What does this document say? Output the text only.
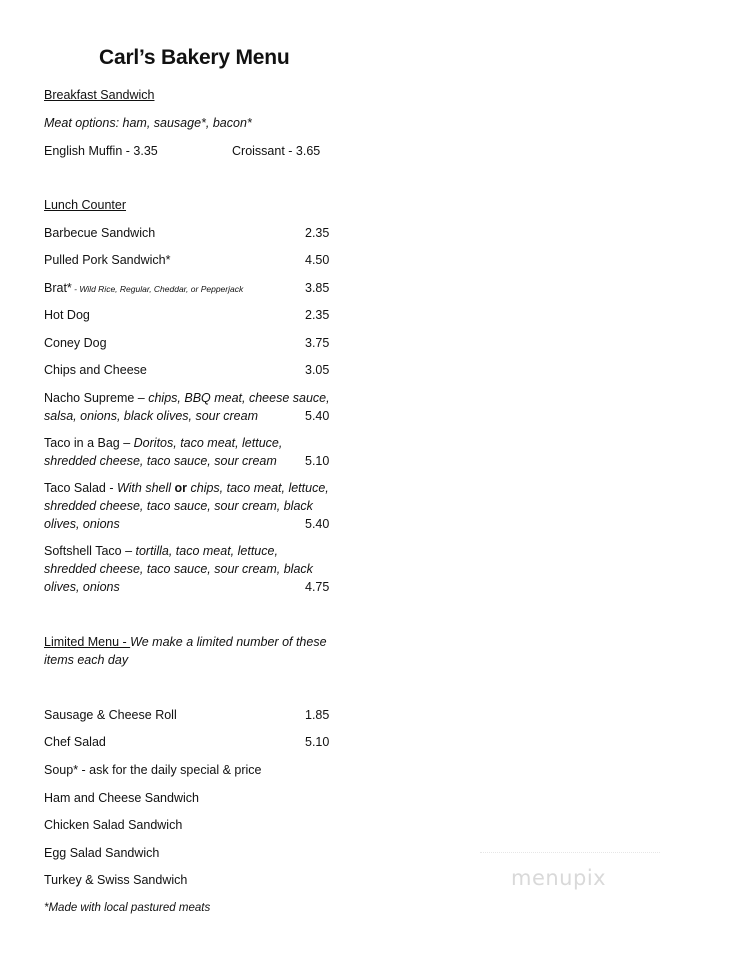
Carl’s Bakery Menu
Breakfast Sandwich
Meat options: ham, sausage*, bacon*
English Muffin - 3.35	Croissant - 3.65
Lunch Counter
Barbecue Sandwich	2.35
Pulled Pork Sandwich*	4.50
Brat* - Wild Rice, Regular, Cheddar, or Pepperjack	3.85
Hot Dog	2.35
Coney Dog	3.75
Chips and Cheese	3.05
Nacho Supreme – chips, BBQ meat, cheese sauce,
salsa, onions, black olives, sour cream	5.40
Taco in a Bag – Doritos, taco meat, lettuce,
shredded cheese, taco sauce, sour cream 5.10
Taco Salad - With shell or chips, taco meat, lettuce,
shredded cheese, taco sauce, sour cream, black
olives, onions	5.40
Softshell Taco – tortilla, taco meat, lettuce,
shredded cheese, taco sauce, sour cream, black
olives, onions	4.75
Limited Menu - We make a limited number of these
items each day
Sausage & Cheese Roll	1.85
Chef Salad	5.10
Soup* - ask for the daily special & price
Ham and Cheese Sandwich
Chicken Salad Sandwich
Egg Salad Sandwich
Turkey & Swiss Sandwich
*Made with local pastured meats
menupix
